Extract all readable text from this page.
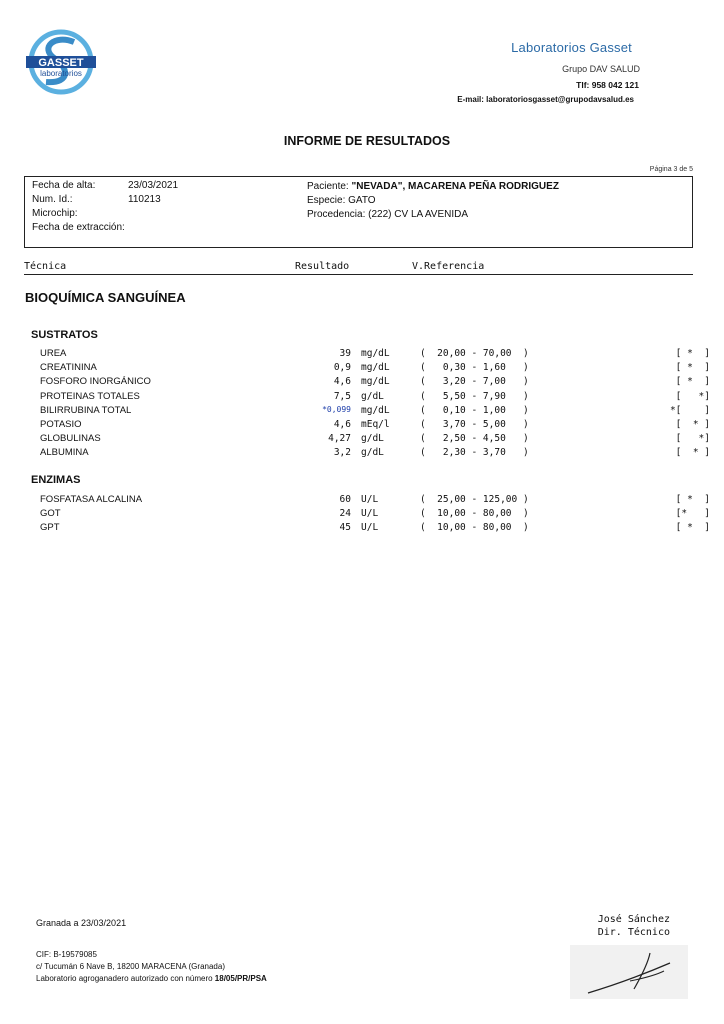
GASSET
laboratorios
Laboratorios Gasset
Grupo DAV SALUD
Tlf: 958 042 121
E-mail: laboratoriosgasset@grupodavsalud.es
INFORME DE RESULTADOS
Página 3 de 5
Fecha de alta:	23/03/2021
Num. Id.:	110213
Microchip:
Fecha de extracción:
Paciente: "NEVADA", MACARENA PEÑA RODRIGUEZ
Especie: GATO
Procedencia: (222) CV LA AVENIDA
Técnica	Resultado	V.Referencia
BIOQUÍMICA SANGUÍNEA
SUSTRATOS
UREA	39 mg/dL	(  20,00 - 70,00  )	[ *  ]
CREATININA	0,9 mg/dL	(   0,30 - 1,60   )	[ *  ]
FOSFORO INORGÁNICO	4,6 mg/dL	(   3,20 - 7,00   )	[ *  ]
PROTEINAS TOTALES	7,5 g/dL	(   5,50 - 7,90   )	[   *]
BILIRRUBINA TOTAL	*0,099 mg/dL	(   0,10 - 1,00   )	*[    ]
POTASIO	4,6 mEq/l	(   3,70 - 5,00   )	[  * ]
GLOBULINAS	4,27 g/dL	(   2,50 - 4,50   )	[   *]
ALBUMINA	3,2 g/dL	(   2,30 - 3,70   )	[  * ]
ENZIMAS
FOSFATASA ALCALINA	60 U/L	(  25,00 - 125,00 )	[ *  ]
GOT	24 U/L	(  10,00 - 80,00  )	[*   ]
GPT	45 U/L	(  10,00 - 80,00  )	[ *  ]
Granada a 23/03/2021	José Sánchez
Dir. Técnico
CIF: B-19579085
c/ Tucumán 6 Nave B, 18200 MARACENA (Granada)
Laboratorio agroganadero autorizado con número 18/05/PR/PSA
